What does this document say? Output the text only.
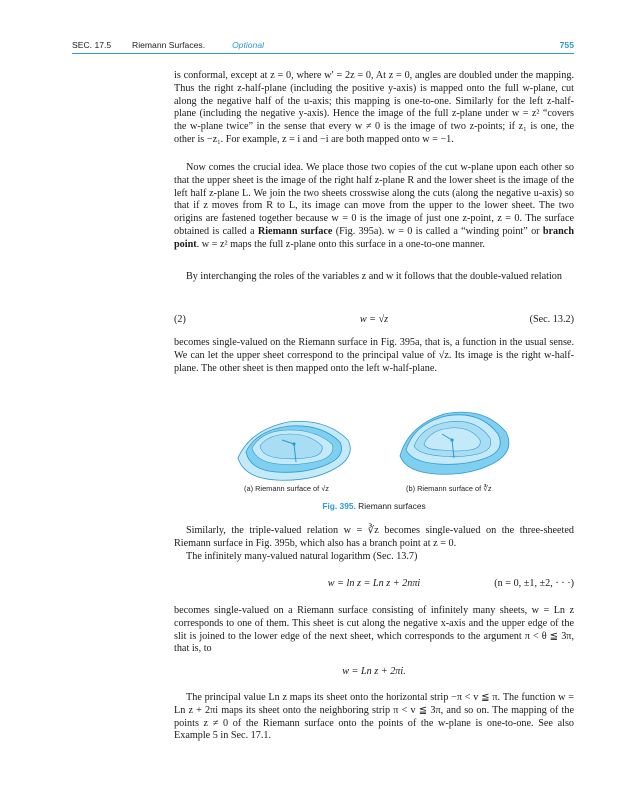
SEC. 17.5 Riemann Surfaces.	Optional	755

is conformal, except at z = 0, where w′ = 2z = 0, At z = 0, angles are doubled under the mapping. Thus the right z-half-plane (including the positive y-axis) is mapped onto the full w-plane, cut along the negative half of the u-axis; this mapping is one-to-one. Similarly for the left z-half-plane (including the negative y-axis). Hence the image of the full z-plane under w = z² “covers the w-plane twice” in the sense that every w ≠ 0 is the image of two z-points; if z₁ is one, the other is −z₁. For example, z = i and −i are both mapped onto w = −1.

Now comes the crucial idea. We place those two copies of the cut w-plane upon each other so that the upper sheet is the image of the right half z-plane R and the lower sheet is the image of the left half z-plane L. We join the two sheets crosswise along the cuts (along the negative u-axis) so that if z moves from R to L, its image can move from the upper to the lower sheet. The two origins are fastened together because w = 0 is the image of just one z-point, z = 0. The surface obtained is called a Riemann surface (Fig. 395a). w = 0 is called a “winding point” or branch point. w = z² maps the full z-plane onto this surface in a one-to-one manner.

By interchanging the roles of the variables z and w it follows that the double-valued relation

(2)	w = √z	(Sec. 13.2)

becomes single-valued on the Riemann surface in Fig. 395a, that is, a function in the usual sense. We can let the upper sheet correspond to the principal value of √z. Its image is the right w-half-plane. The other sheet is then mapped onto the left w-half-plane.

(a) Riemann surface of √z	(b) Riemann surface of ∛z
Fig. 395. Riemann surfaces

Similarly, the triple-valued relation w = ∛z becomes single-valued on the three-sheeted Riemann surface in Fig. 395b, which also has a branch point at z = 0.

The infinitely many-valued natural logarithm (Sec. 13.7)

w = ln z = Ln z + 2nπi	(n = 0, ±1, ±2, · · ·)

becomes single-valued on a Riemann surface consisting of infinitely many sheets, w = Ln z corresponds to one of them. This sheet is cut along the negative x-axis and the upper edge of the slit is joined to the lower edge of the next sheet, which corresponds to the argument π < θ ≦ 3π, that is, to

w = Ln z + 2πi.

The principal value Ln z maps its sheet onto the horizontal strip −π < v ≦ π. The function w = Ln z + 2πi maps its sheet onto the neighboring strip π < v ≦ 3π, and so on. The mapping of the points z ≠ 0 of the Riemann surface onto the points of the w-plane is one-to-one. See also Example 5 in Sec. 17.1.
